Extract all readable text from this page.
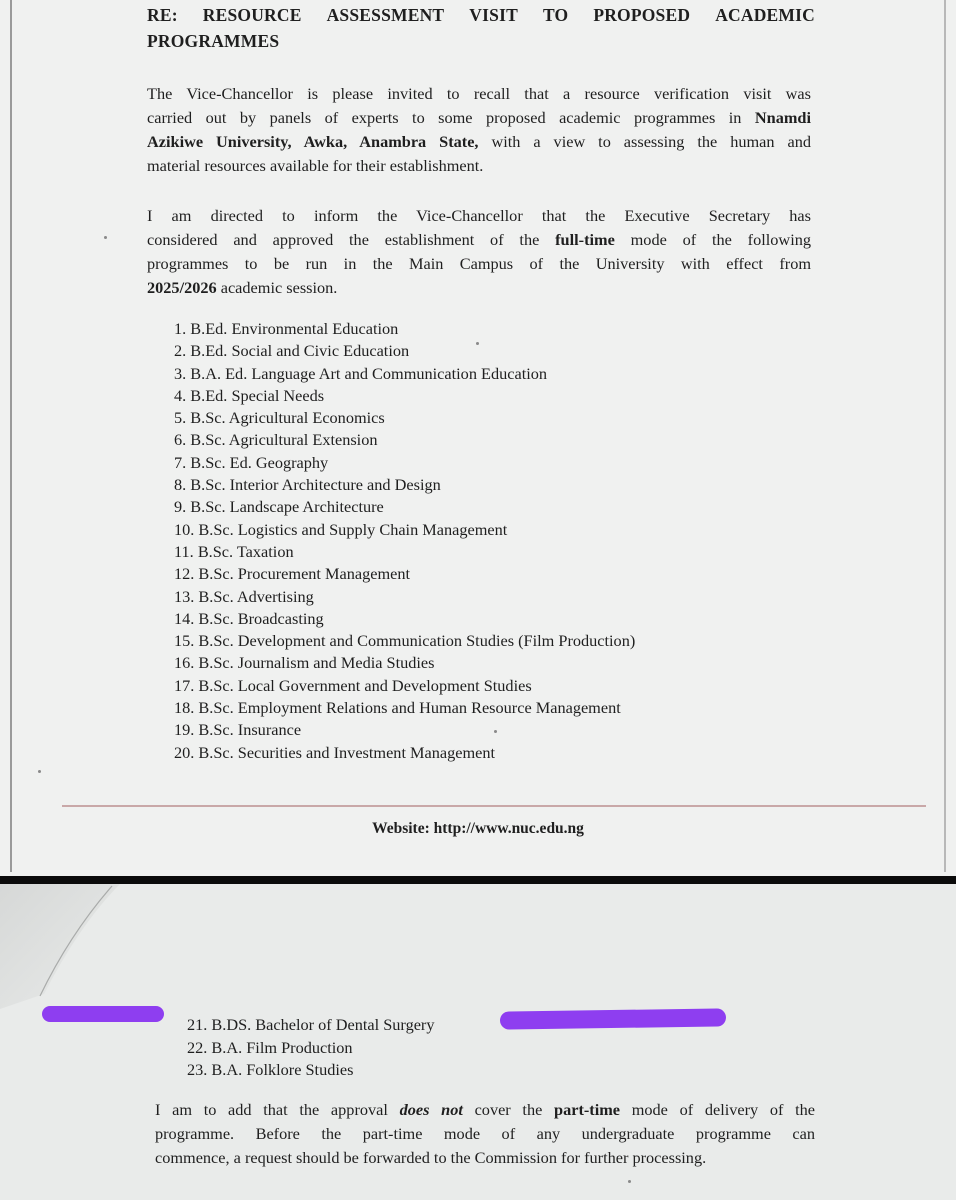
RE: RESOURCE ASSESSMENT VISIT TO PROPOSED ACADEMIC
PROGRAMMES
The Vice-Chancellor is please invited to recall that a resource verification visit was
carried out by panels of experts to some proposed academic programmes in Nnamdi
Azikiwe University, Awka, Anambra State, with a view to assessing the human and
material resources available for their establishment.
I am directed to inform the Vice-Chancellor that the Executive Secretary has
considered and approved the establishment of the full-time mode of the following
programmes to be run in the Main Campus of the University with effect from
2025/2026 academic session.
1. B.Ed. Environmental Education
2. B.Ed. Social and Civic Education
3. B.A. Ed. Language Art and Communication Education
4. B.Ed. Special Needs
5. B.Sc. Agricultural Economics
6. B.Sc. Agricultural Extension
7. B.Sc. Ed. Geography
8. B.Sc. Interior Architecture and Design
9. B.Sc. Landscape Architecture
10. B.Sc. Logistics and Supply Chain Management
11. B.Sc. Taxation
12. B.Sc. Procurement Management
13. B.Sc. Advertising
14. B.Sc. Broadcasting
15. B.Sc. Development and Communication Studies (Film Production)
16. B.Sc. Journalism and Media Studies
17. B.Sc. Local Government and Development Studies
18. B.Sc. Employment Relations and Human Resource Management
19. B.Sc. Insurance
20. B.Sc. Securities and Investment Management
Website: http://www.nuc.edu.ng
21. B.DS. Bachelor of Dental Surgery
22. B.A. Film Production
23. B.A. Folklore Studies
I am to add that the approval does not cover the part-time mode of delivery of the
programme. Before the part-time mode of any undergraduate programme can
commence, a request should be forwarded to the Commission for further processing.
